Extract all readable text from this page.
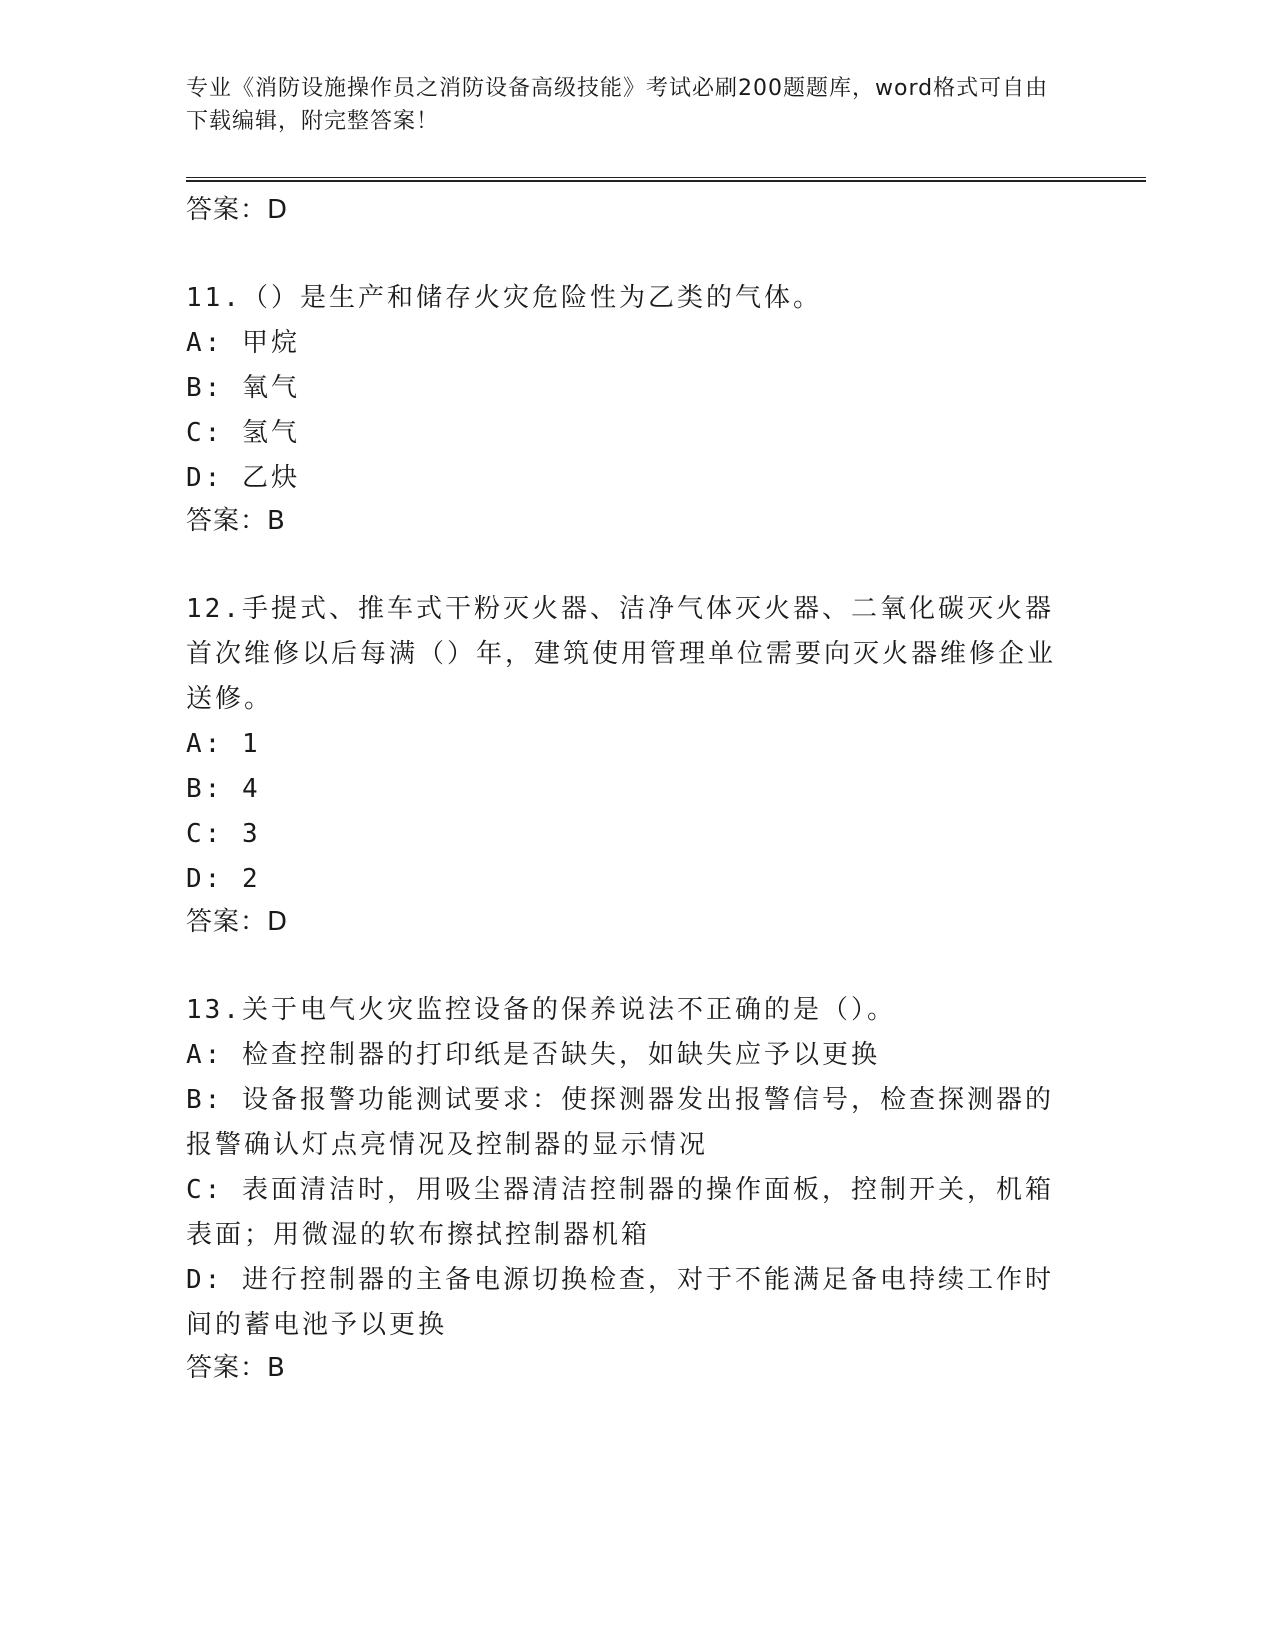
专业《消防设施操作员之消防设备高级技能》考试必刷200题题库，word格式可自由下载编辑，附完整答案！
答案：D
11.（）是生产和储存火灾危险性为乙类的气体。
A: 甲烷
B: 氧气
C: 氢气
D: 乙炔
答案：B
12.手提式、推车式干粉灭火器、洁净气体灭火器、二氧化碳灭火器首次维修以后每满（）年，建筑使用管理单位需要向灭火器维修企业送修。
A: 1
B: 4
C: 3
D: 2
答案：D
13.关于电气火灾监控设备的保养说法不正确的是（）。
A: 检查控制器的打印纸是否缺失，如缺失应予以更换
B: 设备报警功能测试要求：使探测器发出报警信号，检查探测器的报警确认灯点亮情况及控制器的显示情况
C: 表面清洁时，用吸尘器清洁控制器的操作面板，控制开关，机箱表面；用微湿的软布擦拭控制器机箱
D: 进行控制器的主备电源切换检查，对于不能满足备电持续工作时间的蓄电池予以更换
答案：B
